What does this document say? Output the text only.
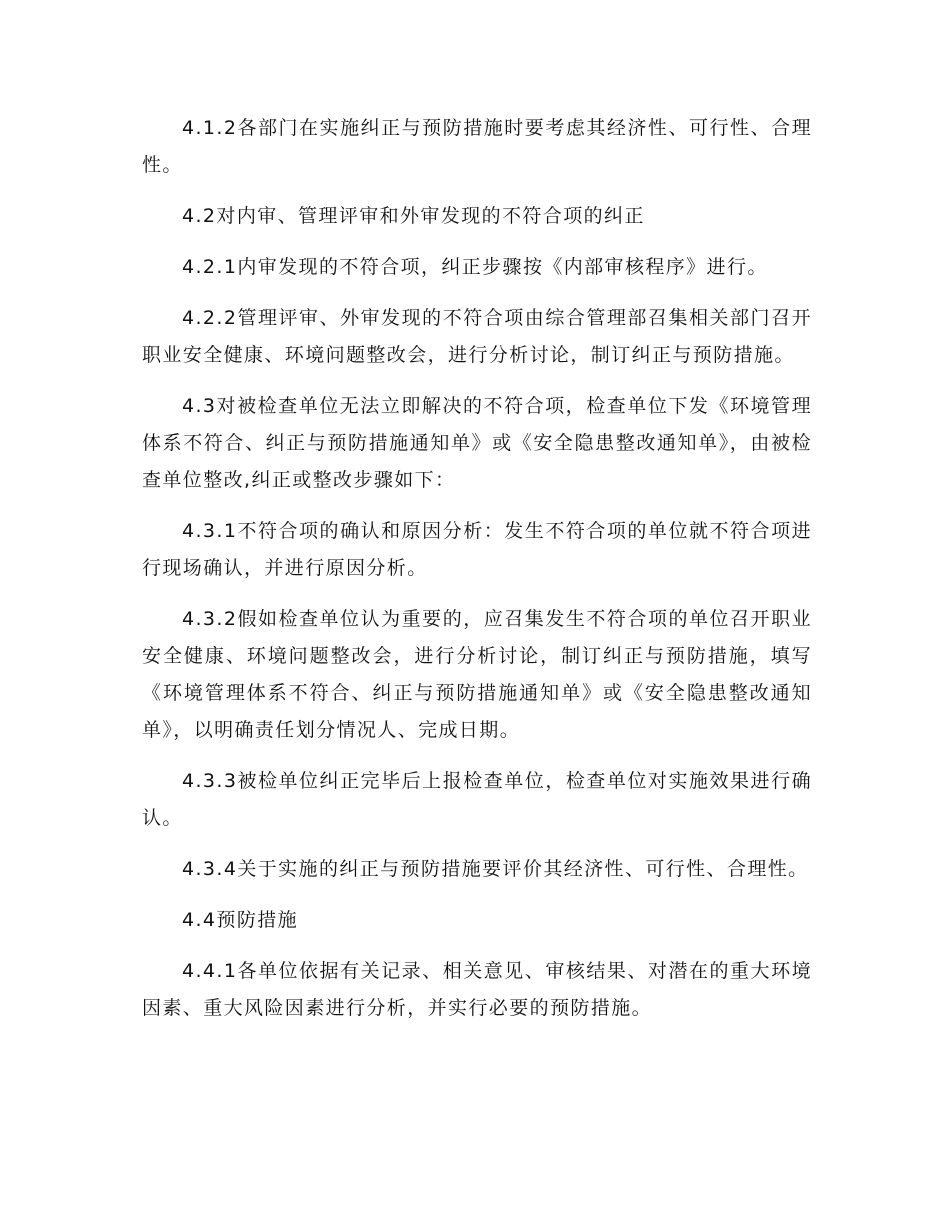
4.1.2各部门在实施纠正与预防措施时要考虑其经济性、可行性、合理性。

4.2对内审、管理评审和外审发现的不符合项的纠正

4.2.1内审发现的不符合项，纠正步骤按《内部审核程序》进行。

4.2.2管理评审、外审发现的不符合项由综合管理部召集相关部门召开职业安全健康、环境问题整改会，进行分析讨论，制订纠正与预防措施。

4.3对被检查单位无法立即解决的不符合项，检查单位下发《环境管理体系不符合、纠正与预防措施通知单》或《安全隐患整改通知单》，由被检查单位整改,纠正或整改步骤如下：

4.3.1不符合项的确认和原因分析：发生不符合项的单位就不符合项进行现场确认，并进行原因分析。

4.3.2假如检查单位认为重要的，应召集发生不符合项的单位召开职业安全健康、环境问题整改会，进行分析讨论，制订纠正与预防措施，填写《环境管理体系不符合、纠正与预防措施通知单》或《安全隐患整改通知单》，以明确责任划分情况人、完成日期。

4.3.3被检单位纠正完毕后上报检查单位，检查单位对实施效果进行确认。

4.3.4关于实施的纠正与预防措施要评价其经济性、可行性、合理性。

4.4预防措施

4.4.1各单位依据有关记录、相关意见、审核结果、对潜在的重大环境因素、重大风险因素进行分析，并实行必要的预防措施。
